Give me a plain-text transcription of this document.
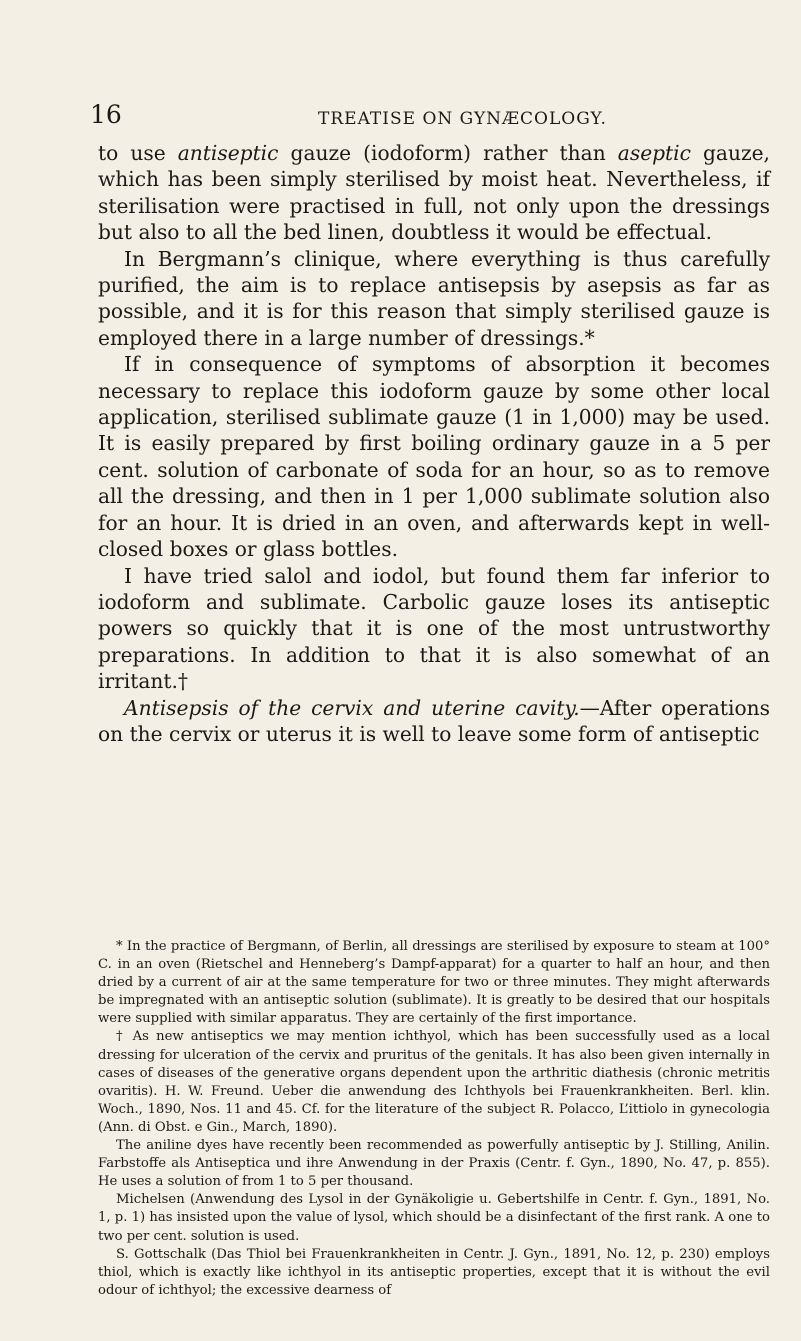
16	TREATISE ON GYNÆCOLOGY.

to use antiseptic gauze (iodoform) rather than aseptic gauze, which has been simply sterilised by moist heat. Nevertheless, if sterilisation were practised in full, not only upon the dressings but also to all the bed linen, doubtless it would be effectual.

In Bergmann’s clinique, where everything is thus carefully purified, the aim is to replace antisepsis by asepsis as far as possible, and it is for this reason that simply sterilised gauze is employed there in a large number of dressings.*

If in consequence of symptoms of absorption it becomes necessary to replace this iodoform gauze by some other local application, sterilised sublimate gauze (1 in 1,000) may be used. It is easily prepared by first boiling ordinary gauze in a 5 per cent. solution of carbonate of soda for an hour, so as to remove all the dressing, and then in 1 per 1,000 sublimate solution also for an hour. It is dried in an oven, and afterwards kept in well-closed boxes or glass bottles.

I have tried salol and iodol, but found them far inferior to iodoform and sublimate. Carbolic gauze loses its antiseptic powers so quickly that it is one of the most untrustworthy preparations. In addition to that it is also somewhat of an irritant.†

Antisepsis of the cervix and uterine cavity.—After operations on the cervix or uterus it is well to leave some form of antiseptic

* In the practice of Bergmann, of Berlin, all dressings are sterilised by exposure to steam at 100° C. in an oven (Rietschel and Henneberg’s Dampf-apparat) for a quarter to half an hour, and then dried by a current of air at the same temperature for two or three minutes. They might afterwards be impregnated with an antiseptic solution (sublimate). It is greatly to be desired that our hospitals were supplied with similar apparatus. They are certainly of the first importance.

† As new antiseptics we may mention ichthyol, which has been successfully used as a local dressing for ulceration of the cervix and pruritus of the genitals. It has also been given internally in cases of diseases of the generative organs dependent upon the arthritic diathesis (chronic metritis ovaritis). H. W. Freund. Ueber die anwendung des Ichthyols bei Frauenkrankheiten. Berl. klin. Woch., 1890, Nos. 11 and 45. Cf. for the literature of the subject R. Polacco, L’ittiolo in gynecologia (Ann. di Obst. e Gin., March, 1890).

The aniline dyes have recently been recommended as powerfully antiseptic by J. Stilling, Anilin. Farbstoffe als Antiseptica und ihre Anwendung in der Praxis (Centr. f. Gyn., 1890, No. 47, p. 855). He uses a solution of from 1 to 5 per thousand.

Michelsen (Anwendung des Lysol in der Gynäkoligie u. Gebertshilfe in Centr. f. Gyn., 1891, No. 1, p. 1) has insisted upon the value of lysol, which should be a disinfectant of the first rank. A one to two per cent. solution is used.

S. Gottschalk (Das Thiol bei Frauenkrankheiten in Centr. J. Gyn., 1891, No. 12, p. 230) employs thiol, which is exactly like ichthyol in its antiseptic properties, except that it is without the evil odour of ichthyol; the excessive dearness of
